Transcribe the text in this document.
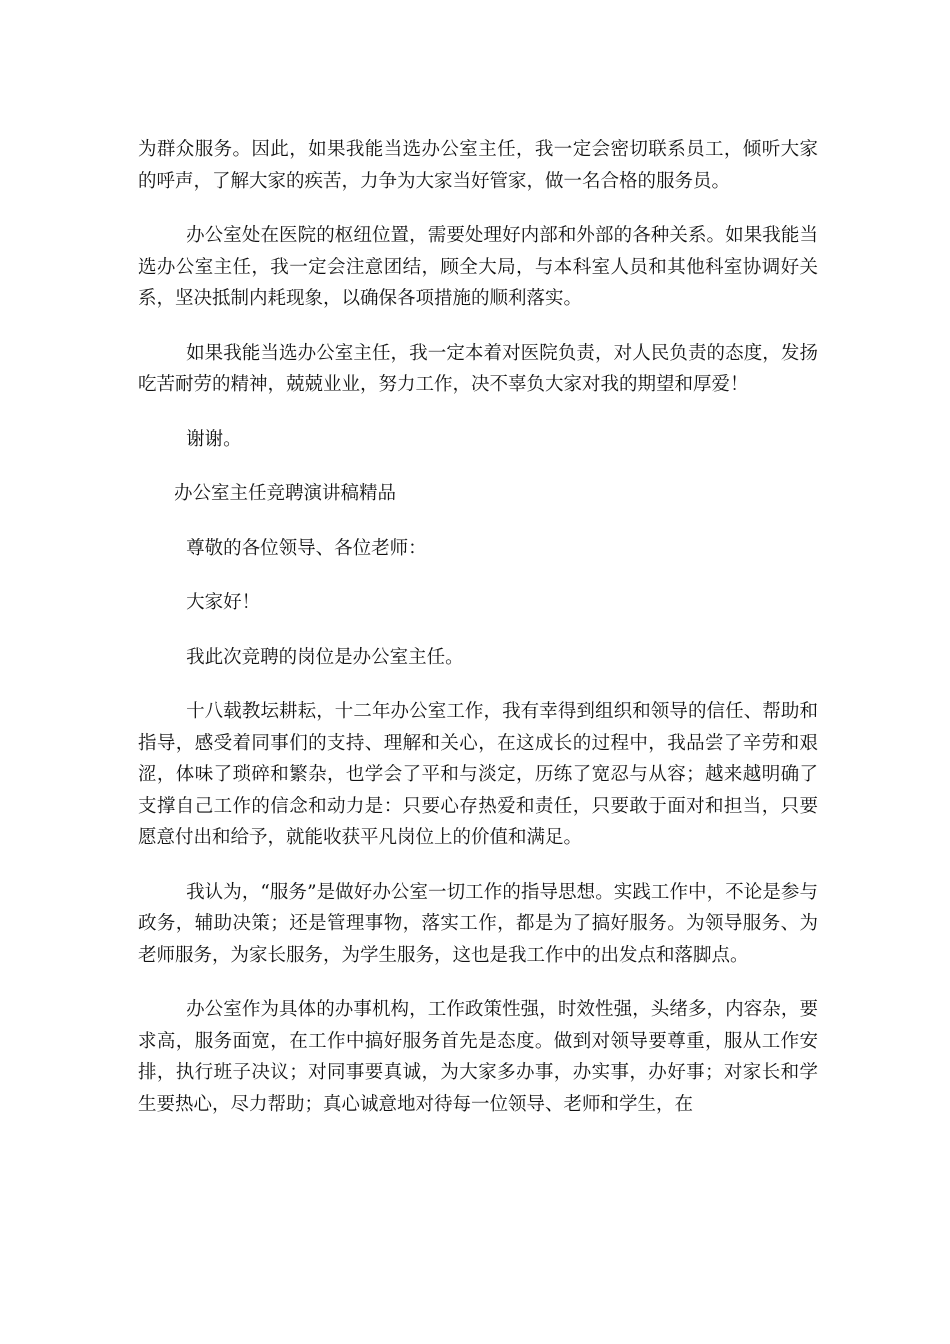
为群众服务。因此，如果我能当选办公室主任，我一定会密切联系员工，倾听大家的呼声，了解大家的疾苦，力争为大家当好管家，做一名合格的服务员。

办公室处在医院的枢纽位置，需要处理好内部和外部的各种关系。如果我能当选办公室主任，我一定会注意团结，顾全大局，与本科室人员和其他科室协调好关系，坚决抵制内耗现象，以确保各项措施的顺利落实。

如果我能当选办公室主任，我一定本着对医院负责，对人民负责的态度，发扬吃苦耐劳的精神，兢兢业业，努力工作，决不辜负大家对我的期望和厚爱！

谢谢。

办公室主任竞聘演讲稿精品

尊敬的各位领导、各位老师：

大家好！

我此次竞聘的岗位是办公室主任。

十八载教坛耕耘，十二年办公室工作，我有幸得到组织和领导的信任、帮助和指导，感受着同事们的支持、理解和关心，在这成长的过程中，我品尝了辛劳和艰涩，体味了琐碎和繁杂，也学会了平和与淡定，历练了宽忍与从容；越来越明确了支撑自己工作的信念和动力是：只要心存热爱和责任，只要敢于面对和担当，只要愿意付出和给予，就能收获平凡岗位上的价值和满足。

我认为，“服务”是做好办公室一切工作的指导思想。实践工作中，不论是参与政务，辅助决策；还是管理事物，落实工作，都是为了搞好服务。为领导服务、为老师服务，为家长服务，为学生服务，这也是我工作中的出发点和落脚点。

办公室作为具体的办事机构，工作政策性强，时效性强，头绪多，内容杂，要求高，服务面宽，在工作中搞好服务首先是态度。做到对领导要尊重，服从工作安排，执行班子决议；对同事要真诚，为大家多办事，办实事，办好事；对家长和学生要热心，尽力帮助；真心诚意地对待每一位领导、老师和学生，在
